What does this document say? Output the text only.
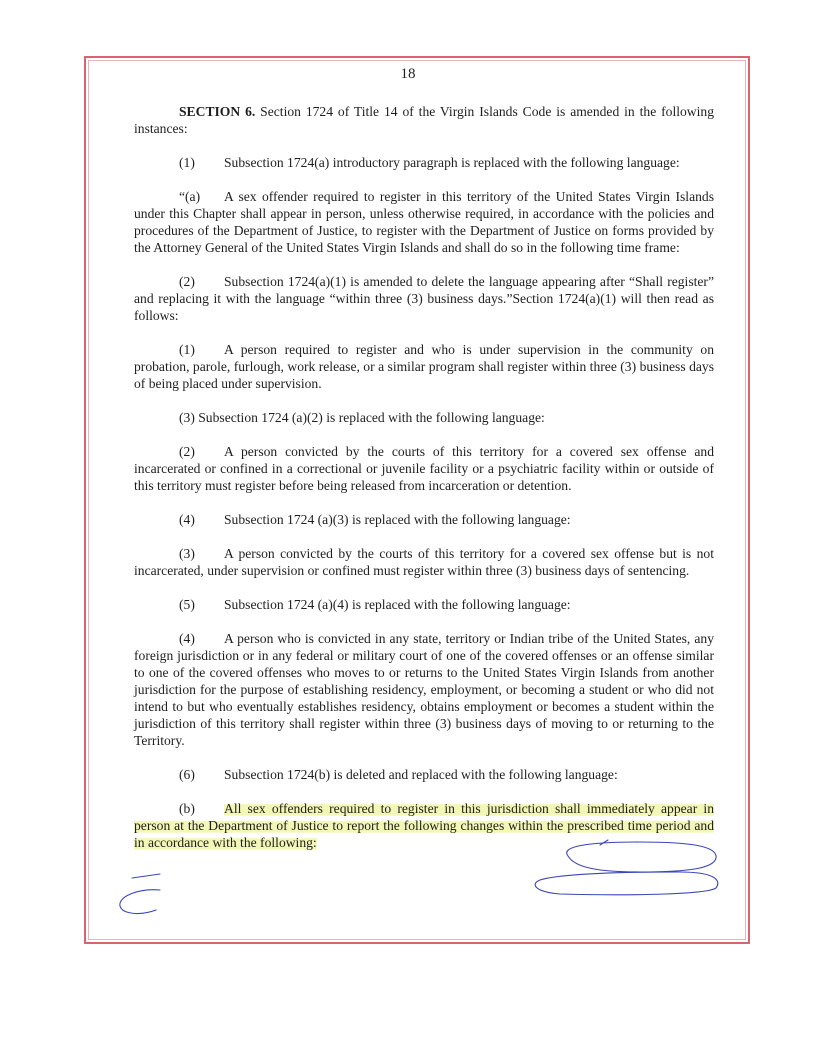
18

SECTION 6. Section 1724 of Title 14 of the Virgin Islands Code is amended in the following instances:

(1) Subsection 1724(a) introductory paragraph is replaced with the following language:

“(a) A sex offender required to register in this territory of the United States Virgin Islands under this Chapter shall appear in person, unless otherwise required, in accordance with the policies and procedures of the Department of Justice, to register with the Department of Justice on forms provided by the Attorney General of the United States Virgin Islands and shall do so in the following time frame:

(2) Subsection 1724(a)(1) is amended to delete the language appearing after “Shall register” and replacing it with the language “within three (3) business days.”Section 1724(a)(1) will then read as follows:

(1) A person required to register and who is under supervision in the community on probation, parole, furlough, work release, or a similar program shall register within three (3) business days of being placed under supervision.

(3) Subsection 1724 (a)(2) is replaced with the following language:

(2) A person convicted by the courts of this territory for a covered sex offense and incarcerated or confined in a correctional or juvenile facility or a psychiatric facility within or outside of this territory must register before being released from incarceration or detention.

(4) Subsection 1724 (a)(3) is replaced with the following language:

(3) A person convicted by the courts of this territory for a covered sex offense but is not incarcerated, under supervision or confined must register within three (3) business days of sentencing.

(5) Subsection 1724 (a)(4) is replaced with the following language:

(4) A person who is convicted in any state, territory or Indian tribe of the United States, any foreign jurisdiction or in any federal or military court of one of the covered offenses or an offense similar to one of the covered offenses who moves to or returns to the United States Virgin Islands from another jurisdiction for the purpose of establishing residency, employment, or becoming a student or who did not intend to but who eventually establishes residency, obtains employment or becomes a student within the jurisdiction of this territory shall register within three (3) business days of moving to or returning to the Territory.

(6) Subsection 1724(b) is deleted and replaced with the following language:

(b) All sex offenders required to register in this jurisdiction shall immediately appear in person at the Department of Justice to report the following changes within the prescribed time period and in accordance with the following:
